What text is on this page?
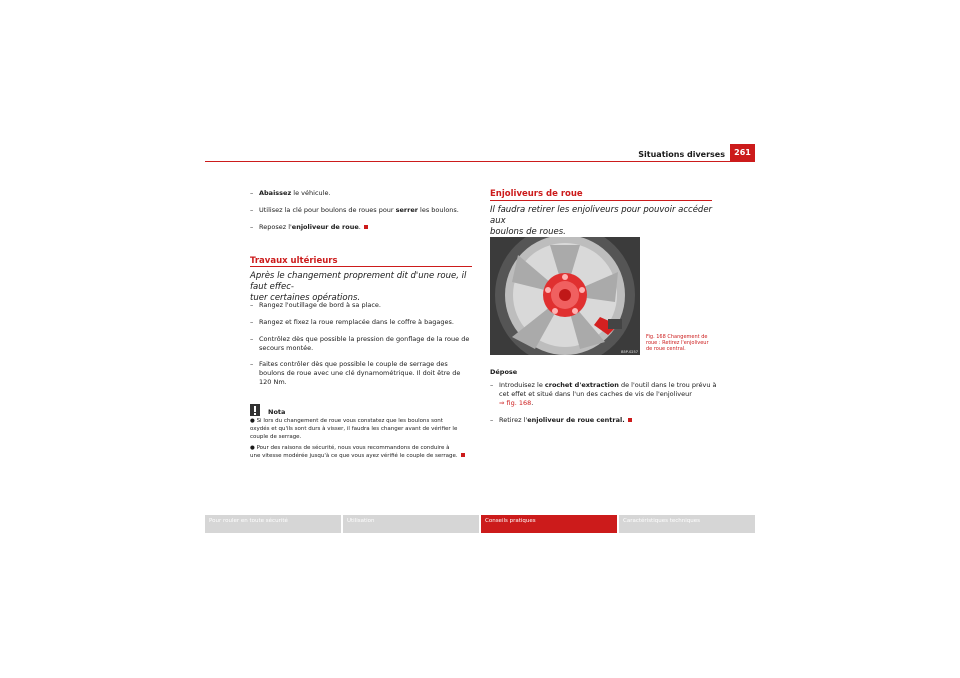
Situations diverses	261
– Abaissez le véhicule.
– Utilisez la clé pour boulons de roues pour serrer les boulons.
– Reposez l'enjoliveur de roue.
Travaux ultérieurs
Après le changement proprement dit d'une roue, il faut effec-
tuer certaines opérations.
– Rangez l'outillage de bord à sa place.
– Rangez et fixez la roue remplacée dans le coffre à bagages.
– Contrôlez dès que possible la pression de gonflage de la roue de
secours montée.
– Faites contrôler dès que possible le couple de serrage des
boulons de roue avec une clé dynamométrique. Il doit être de
120 Nm.
Nota
● Si lors du changement de roue vous constatez que les boulons sont
oxydés et qu'ils sont durs à visser, il faudra les changer avant de vérifier le
couple de serrage.
● Pour des raisons de sécurité, nous vous recommandons de conduire à
une vitesse modérée jusqu'à ce que vous ayez vérifié le couple de serrage.
Enjoliveurs de roue
Il faudra retirer les enjoliveurs pour pouvoir accéder aux
boulons de roues.
B5P-0257
Fig. 168 Changement de
roue : Retirez l'enjoliveur
de roue central.
Dépose
– Introduisez le crochet d'extraction de l'outil dans le trou prévu à
cet effet et situé dans l'un des caches de vis de l'enjoliveur
⇒ fig. 168.
– Retirez l'enjoliveur de roue central.
Pour rouler en toute sécurité	Utilisation	Conseils pratiques	Caractéristiques techniques
